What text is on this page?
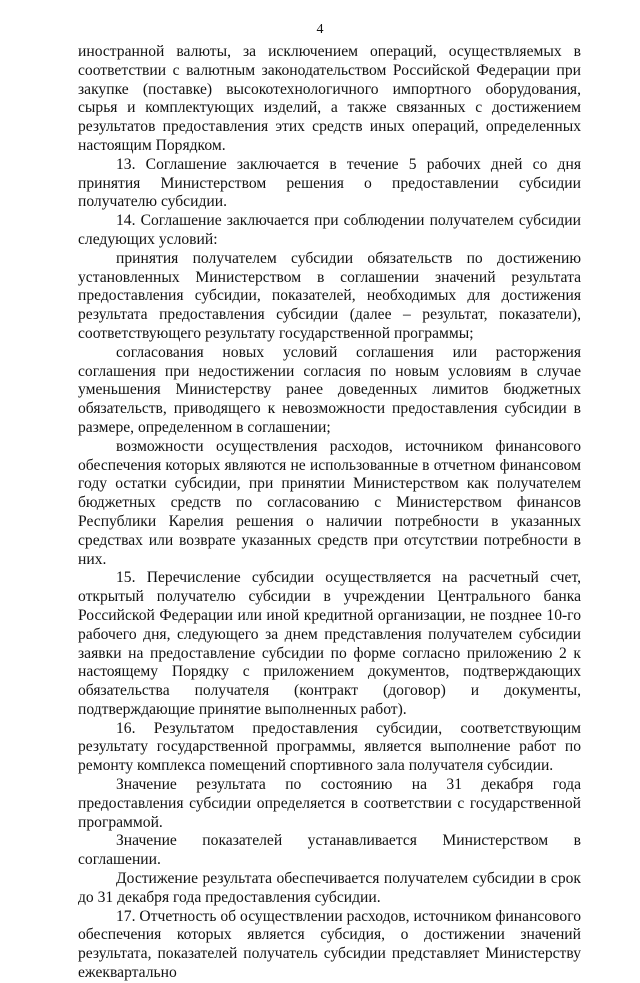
4

иностранной валюты, за исключением операций, осуществляемых в соответствии с валютным законодательством Российской Федерации при закупке (поставке) высокотехнологичного импортного оборудования, сырья и комплектующих изделий, а также связанных с достижением результатов предоставления этих средств иных операций, определенных настоящим Порядком.

13. Соглашение заключается в течение 5 рабочих дней со дня принятия Министерством решения о предоставлении субсидии получателю субсидии.

14. Соглашение заключается при соблюдении получателем субсидии следующих условий:

принятия получателем субсидии обязательств по достижению установленных Министерством в соглашении значений результата предоставления субсидии, показателей, необходимых для достижения результата предоставления субсидии (далее – результат, показатели), соответствующего результату государственной программы;

согласования новых условий соглашения или расторжения соглашения при недостижении согласия по новым условиям в случае уменьшения Министерству ранее доведенных лимитов бюджетных обязательств, приводящего к невозможности предоставления субсидии в размере, определенном в соглашении;

возможности осуществления расходов, источником финансового обеспечения которых являются не использованные в отчетном финансовом году остатки субсидии, при принятии Министерством как получателем бюджетных средств по согласованию с Министерством финансов Республики Карелия решения о наличии потребности в указанных средствах или возврате указанных средств при отсутствии потребности в них.

15. Перечисление субсидии осуществляется на расчетный счет, открытый получателю субсидии в учреждении Центрального банка Российской Федерации или иной кредитной организации, не позднее 10-го рабочего дня, следующего за днем представления получателем субсидии заявки на предоставление субсидии по форме согласно приложению 2 к настоящему Порядку с приложением документов, подтверждающих обязательства получателя (контракт (договор) и документы, подтверждающие принятие выполненных работ).

16. Результатом предоставления субсидии, соответствующим результату государственной программы, является выполнение работ по ремонту комплекса помещений спортивного зала получателя субсидии.

Значение результата по состоянию на 31 декабря года предоставления субсидии определяется в соответствии с государственной программой.

Значение показателей устанавливается Министерством в соглашении.

Достижение результата обеспечивается получателем субсидии в срок до 31 декабря года предоставления субсидии.

17. Отчетность об осуществлении расходов, источником финансового обеспечения которых является субсидия, о достижении значений результата, показателей получатель субсидии представляет Министерству ежеквартально
